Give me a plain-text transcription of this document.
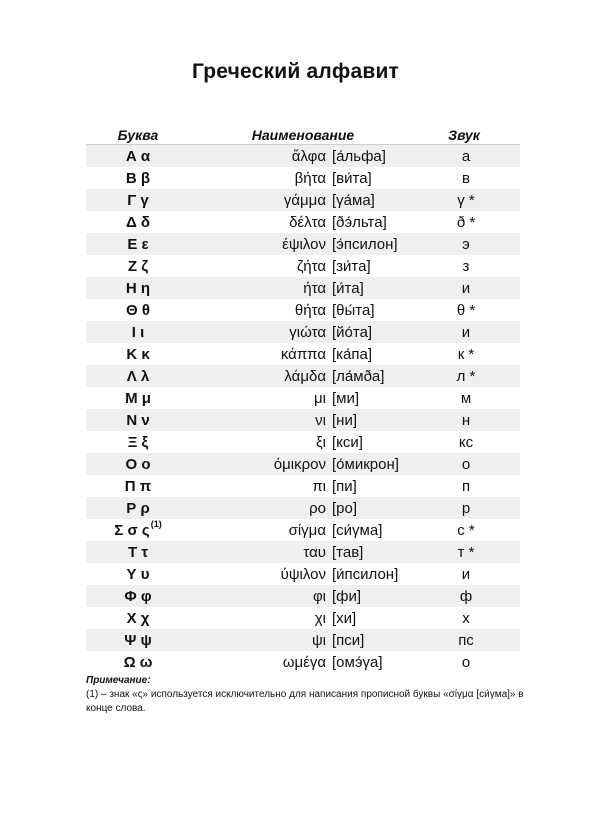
Греческий алфавит
Буква	Наименование	Звук
Α α	ἄλφα [а́льфа]	а
Β β	βήτα [ви́та]	в
Γ γ	γάμμα [γа́ма]	γ *
Δ δ	δέλτα [ðэ́льта]	ð *
Ε ε	έψιλον [э́псилон]	э
Ζ ζ	ζήτα [зи́та]	з
Η η	ήτα [и́та]	и
Θ θ	θήτα [θы́та]	θ *
Ι ι	γιώτα [йо́та]	и
Κ κ	κάππα [ка́па]	к *
Λ λ	λάμδα [ла́мðа]	л *
Μ μ	μι [ми]	м
Ν ν	νι [ни]	н
Ξ ξ	ξι [кси]	кс
Ο ο	όμικρον [о́микрон]	о
Π π	πι [пи]	п
Ρ ρ	ρο [ро]	р
Σ σ $\varsigma^{(1)}$	σίγμα [си́γма]	с *
Τ τ	ταυ [тав]	т *
Υ υ	ύψιλον [и́псилон]	и
Φ φ	φι [фи]	ф
Χ χ	χι [хи]	х
Ψ ψ	ψι [пси]	пс
Ω ω	ωμέγα [омэ́γа]	о
Примечание:
(1) – знак «ς» используется исключительно для написания прописной буквы «σίγμα [си́γма]» в конце слова.
